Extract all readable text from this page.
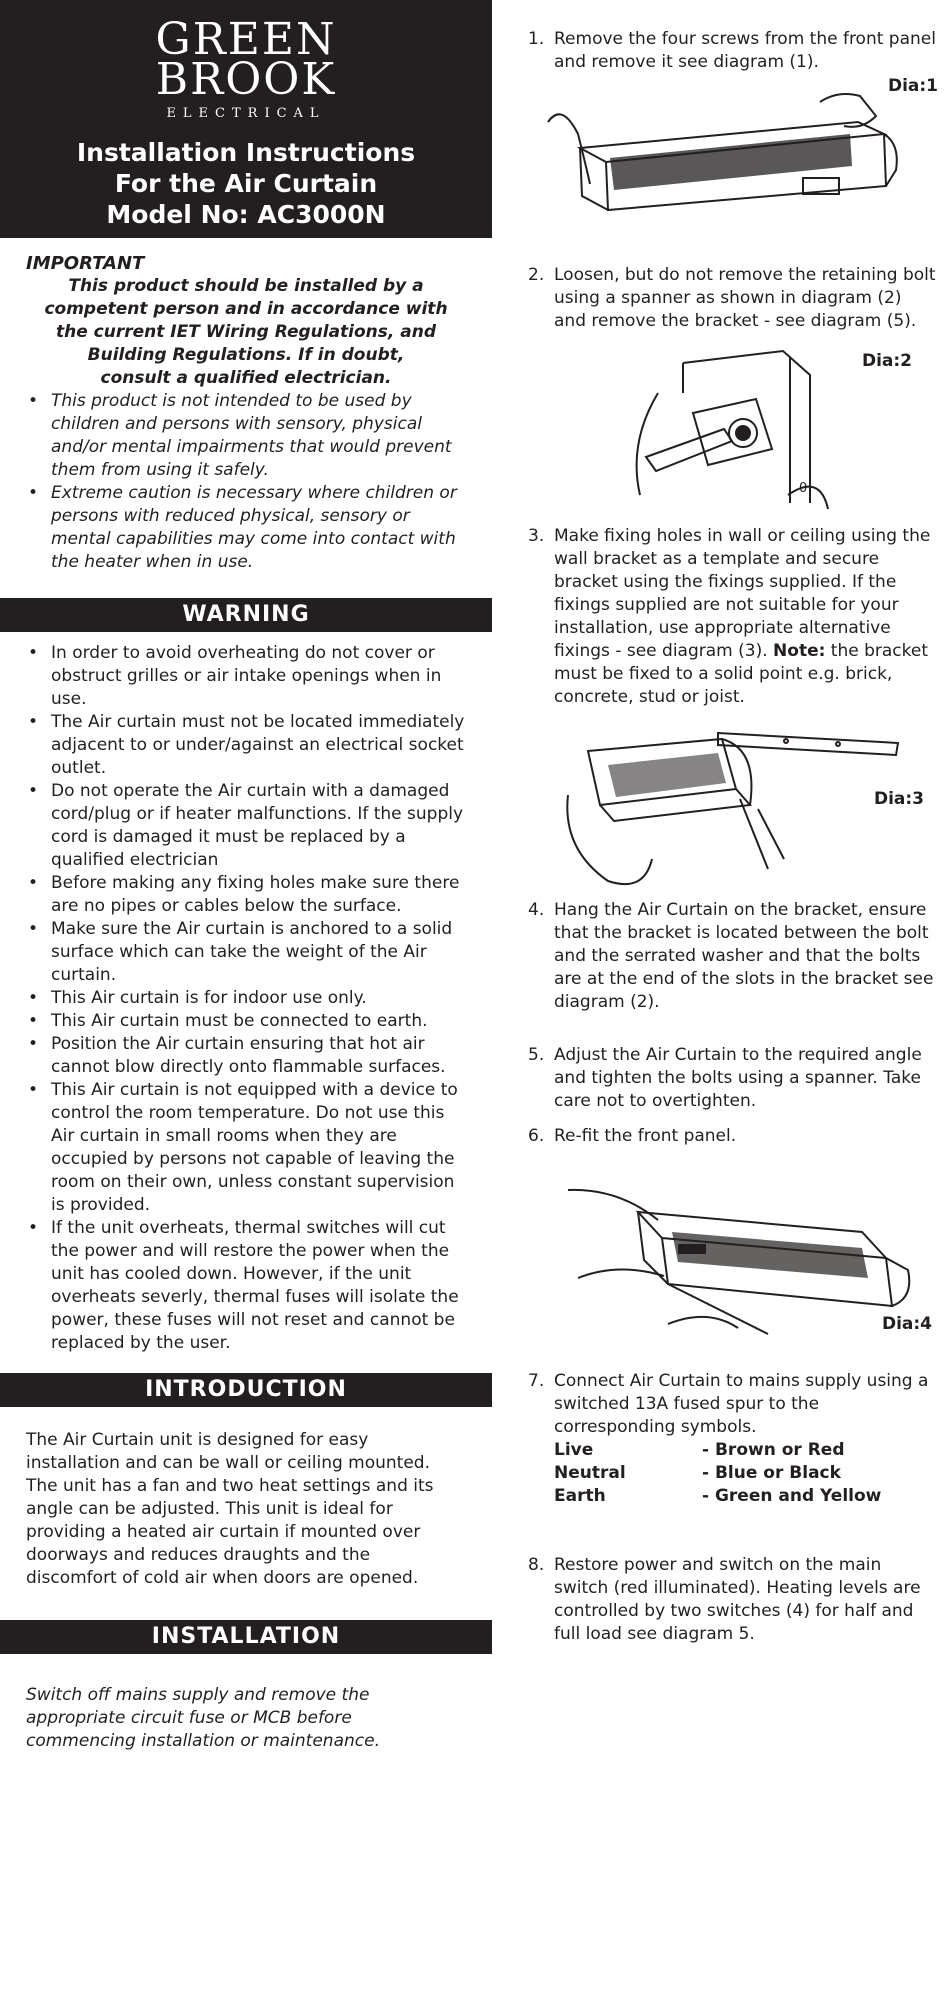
GREEN
BROOK
ELECTRICAL
Installation Instructions
For the Air Curtain
Model No: AC3000N
IMPORTANT
This product should be installed by a
competent person and in accordance with
the current IET Wiring Regulations, and
Building Regulations. If in doubt,
consult a qualified electrician.
• This product is not intended to be used by children and persons with sensory, physical and/or mental impairments that would prevent them from using it safely.
• Extreme caution is necessary where children or persons with reduced physical, sensory or mental capabilities may come into contact with the heater when in use.
WARNING
• In order to avoid overheating do not cover or obstruct grilles or air intake openings when in use.
• The Air curtain must not be located immediately adjacent to or under/against an electrical socket outlet.
• Do not operate the Air curtain with a damaged cord/plug or if heater malfunctions. If the supply cord is damaged it must be replaced by a qualified electrician
• Before making any fixing holes make sure there are no pipes or cables below the surface.
• Make sure the Air curtain is anchored to a solid surface which can take the weight of the Air curtain.
• This Air curtain is for indoor use only.
• This Air curtain must be connected to earth.
• Position the Air curtain ensuring that hot air cannot blow directly onto flammable surfaces.
• This Air curtain is not equipped with a device to control the room temperature. Do not use this Air curtain in small rooms when they are occupied by persons not capable of leaving the room on their own, unless constant supervision is provided.
• If the unit overheats, thermal switches will cut the power and will restore the power when the unit has cooled down. However, if the unit overheats severly, thermal fuses will isolate the power, these fuses will not reset and cannot be replaced by the user.
INTRODUCTION
The Air Curtain unit is designed for easy installation and can be wall or ceiling mounted. The unit has a fan and two heat settings and its angle can be adjusted. This unit is ideal for providing a heated air curtain if mounted over doorways and reduces draughts and the discomfort of cold air when doors are opened.
INSTALLATION
Switch off mains supply and remove the appropriate circuit fuse or MCB before commencing installation or maintenance.
1. Remove the four screws from the front panel and remove it see diagram (1).
Dia:1
2. Loosen, but do not remove the retaining bolt using a spanner as shown in diagram (2) and remove the bracket - see diagram (5).
Dia:2
0
3. Make fixing holes in wall or ceiling using the wall bracket as a template and secure bracket using the fixings supplied. If the fixings supplied are not suitable for your installation, use appropriate alternative fixings - see diagram (3). Note: the bracket must be fixed to a solid point e.g. brick, concrete, stud or joist.
Dia:3
4. Hang the Air Curtain on the bracket, ensure that the bracket is located between the bolt and the serrated washer and that the bolts are at the end of the slots in the bracket see diagram (2).
5. Adjust the Air Curtain to the required angle and tighten the bolts using a spanner. Take care not to overtighten.
6. Re-fit the front panel.
Dia:4
7. Connect Air Curtain to mains supply using a switched 13A fused spur to the corresponding symbols.
Live	- Brown or Red
Neutral	- Blue or Black
Earth	- Green and Yellow
8. Restore power and switch on the main switch (red illuminated). Heating levels are controlled by two switches (4) for half and full load see diagram 5.
